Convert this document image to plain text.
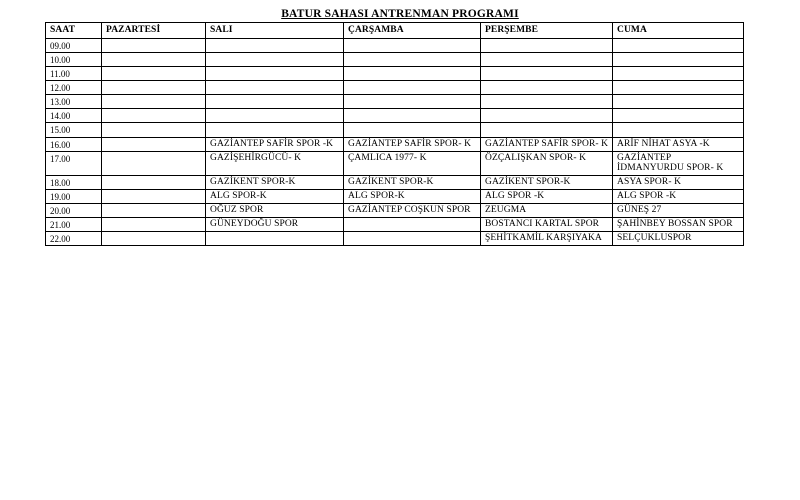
BATUR SAHASI ANTRENMAN PROGRAMI
SAAT	PAZARTESİ	SALI	ÇARŞAMBA	PERŞEMBE	CUMA
09.00					
10.00					
11.00					
12.00					
13.00					
14.00					
15.00					
16.00		GAZİANTEP SAFİR SPOR -K	GAZİANTEP SAFİR SPOR- K	GAZİANTEP SAFİR SPOR- K	ARİF NİHAT ASYA -K
17.00		GAZİŞEHİRGÜCÜ- K	ÇAMLICA 1977- K	ÖZÇALIŞKAN SPOR- K	GAZİANTEP İDMANYURDU SPOR- K
18.00		GAZİKENT SPOR-K	GAZİKENT SPOR-K	GAZİKENT SPOR-K	ASYA SPOR- K
19.00		ALG SPOR-K	ALG SPOR-K	ALG SPOR -K	ALG SPOR -K
20.00		OĞUZ SPOR	GAZİANTEP COŞKUN SPOR	ZEUGMA	GÜNEŞ 27
21.00		GÜNEYDOĞU SPOR		BOSTANCI KARTAL SPOR	ŞAHİNBEY BOSSAN SPOR
22.00				ŞEHİTKAMİL KARŞIYAKA	SELÇUKLUSPOR
